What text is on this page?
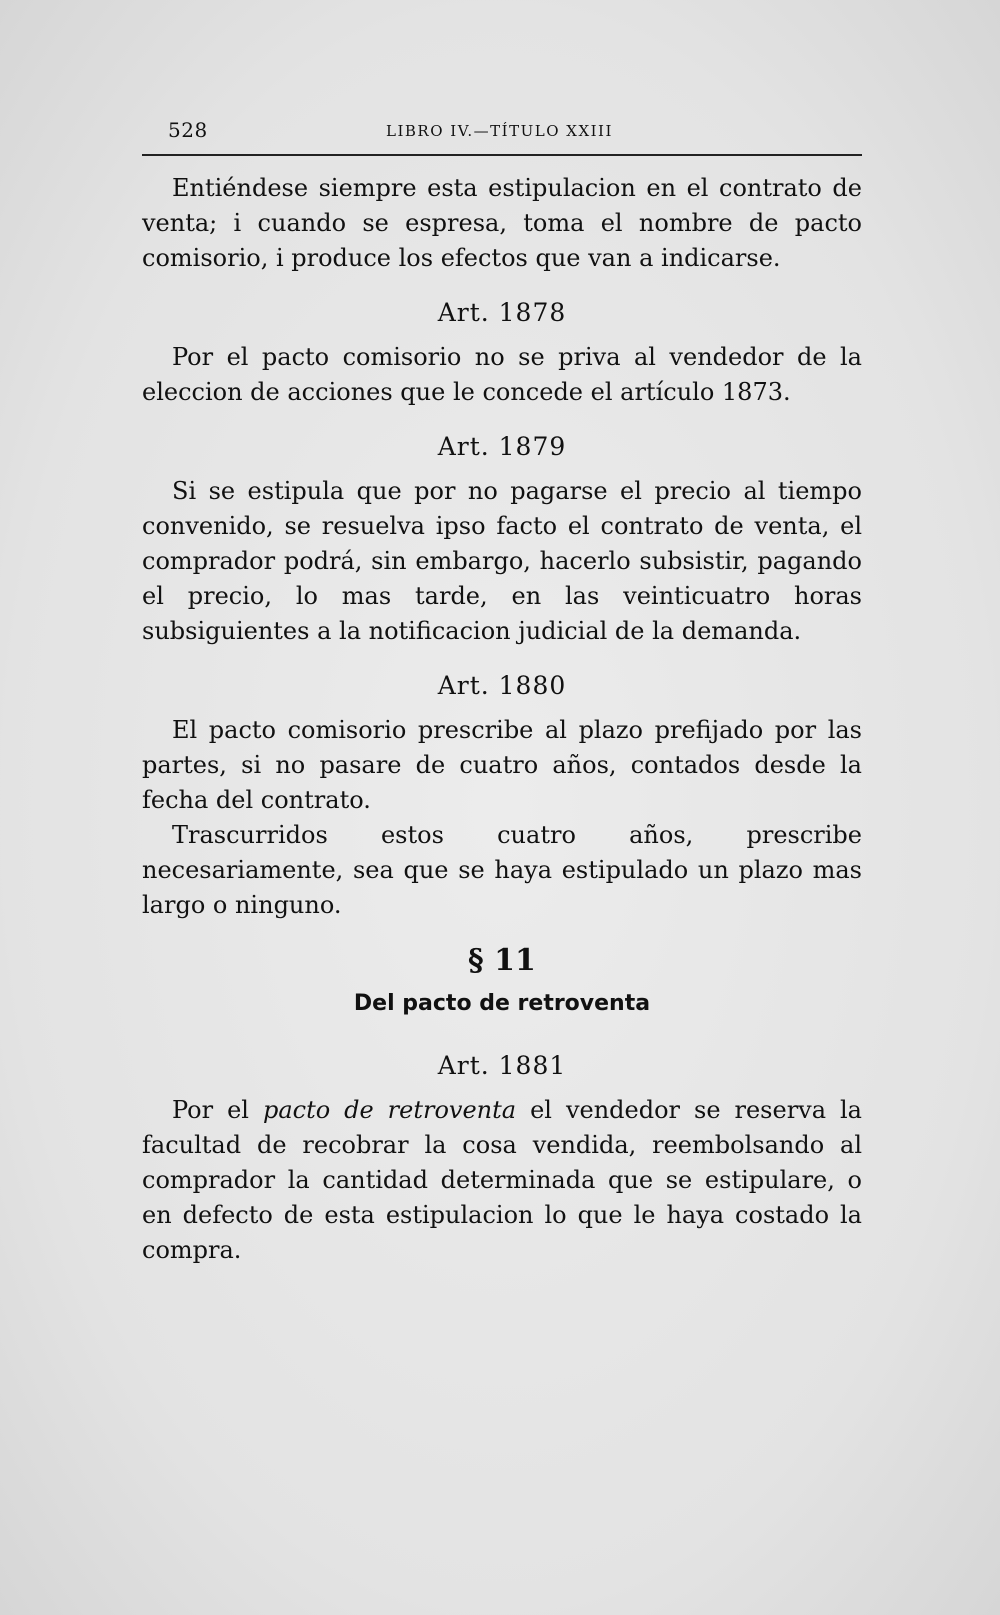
528	LIBRO IV.—TÍTULO XXIII

Entiéndese siempre esta estipulacion en el contrato de venta; i cuando se espresa, toma el nombre de pacto comisorio, i produce los efectos que van a indicarse.

Art. 1878

Por el pacto comisorio no se priva al vendedor de la eleccion de acciones que le concede el artículo 1873.

Art. 1879

Si se estipula que por no pagarse el precio al tiempo convenido, se resuelva ipso facto el contrato de venta, el comprador podrá, sin embargo, hacerlo subsistir, pagando el precio, lo mas tarde, en las veinticuatro horas subsiguientes a la notificacion judicial de la demanda.

Art. 1880

El pacto comisorio prescribe al plazo prefijado por las partes, si no pasare de cuatro años, contados desde la fecha del contrato.

Trascurridos estos cuatro años, prescribe necesariamente, sea que se haya estipulado un plazo mas largo o ninguno.

§ 11

Del pacto de retroventa

Art. 1881

Por el pacto de retroventa el vendedor se reserva la facultad de recobrar la cosa vendida, reembolsando al comprador la cantidad determinada que se estipulare, o en defecto de esta estipulacion lo que le haya costado la compra.
